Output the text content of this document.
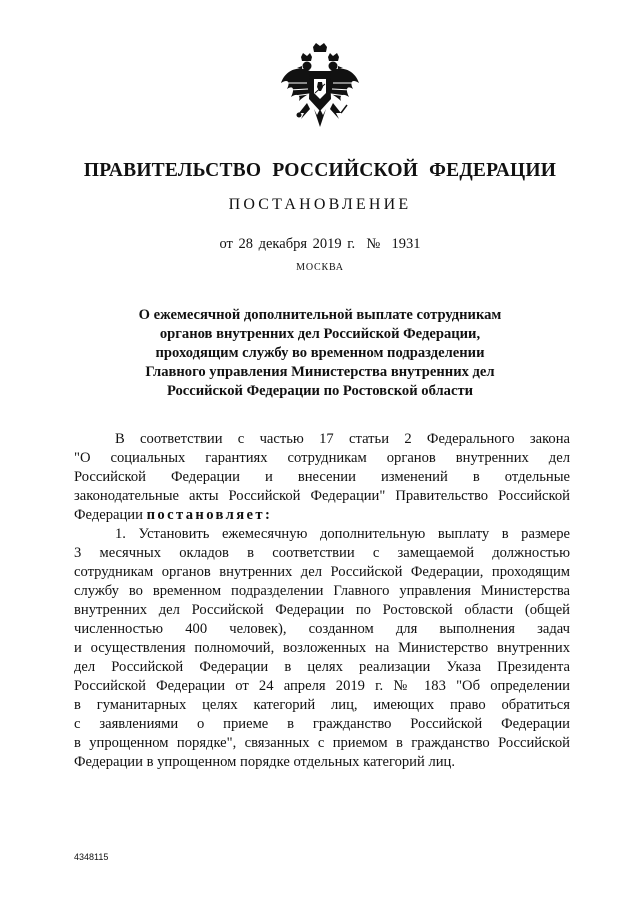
ПРАВИТЕЛЬСТВО РОССИЙСКОЙ ФЕДЕРАЦИИ
ПОСТАНОВЛЕНИЕ
от 28 декабря 2019 г.  №  1931
МОСКВА
О ежемесячной дополнительной выплате сотрудникам
органов внутренних дел Российской Федерации,
проходящим службу во временном подразделении
Главного управления Министерства внутренних дел
Российской Федерации по Ростовской области
В соответствии с частью 17 статьи 2 Федерального закона
"О социальных гарантиях сотрудникам органов внутренних дел
Российской Федерации и внесении изменений в отдельные
законодательные акты Российской Федерации" Правительство Российской
Федерации постановляет:
1. Установить ежемесячную дополнительную выплату в размере
3 месячных окладов в соответствии с замещаемой должностью
сотрудникам органов внутренних дел Российской Федерации, проходящим
службу во временном подразделении Главного управления Министерства
внутренних дел Российской Федерации по Ростовской области (общей
численностью 400 человек), созданном для выполнения задач
и осуществления полномочий, возложенных на Министерство внутренних
дел Российской Федерации в целях реализации Указа Президента
Российской Федерации от 24 апреля 2019 г. № 183 "Об определении
в гуманитарных целях категорий лиц, имеющих право обратиться
с заявлениями о приеме в гражданство Российской Федерации
в упрощенном порядке", связанных с приемом в гражданство Российской
Федерации в упрощенном порядке отдельных категорий лиц.
4348115
